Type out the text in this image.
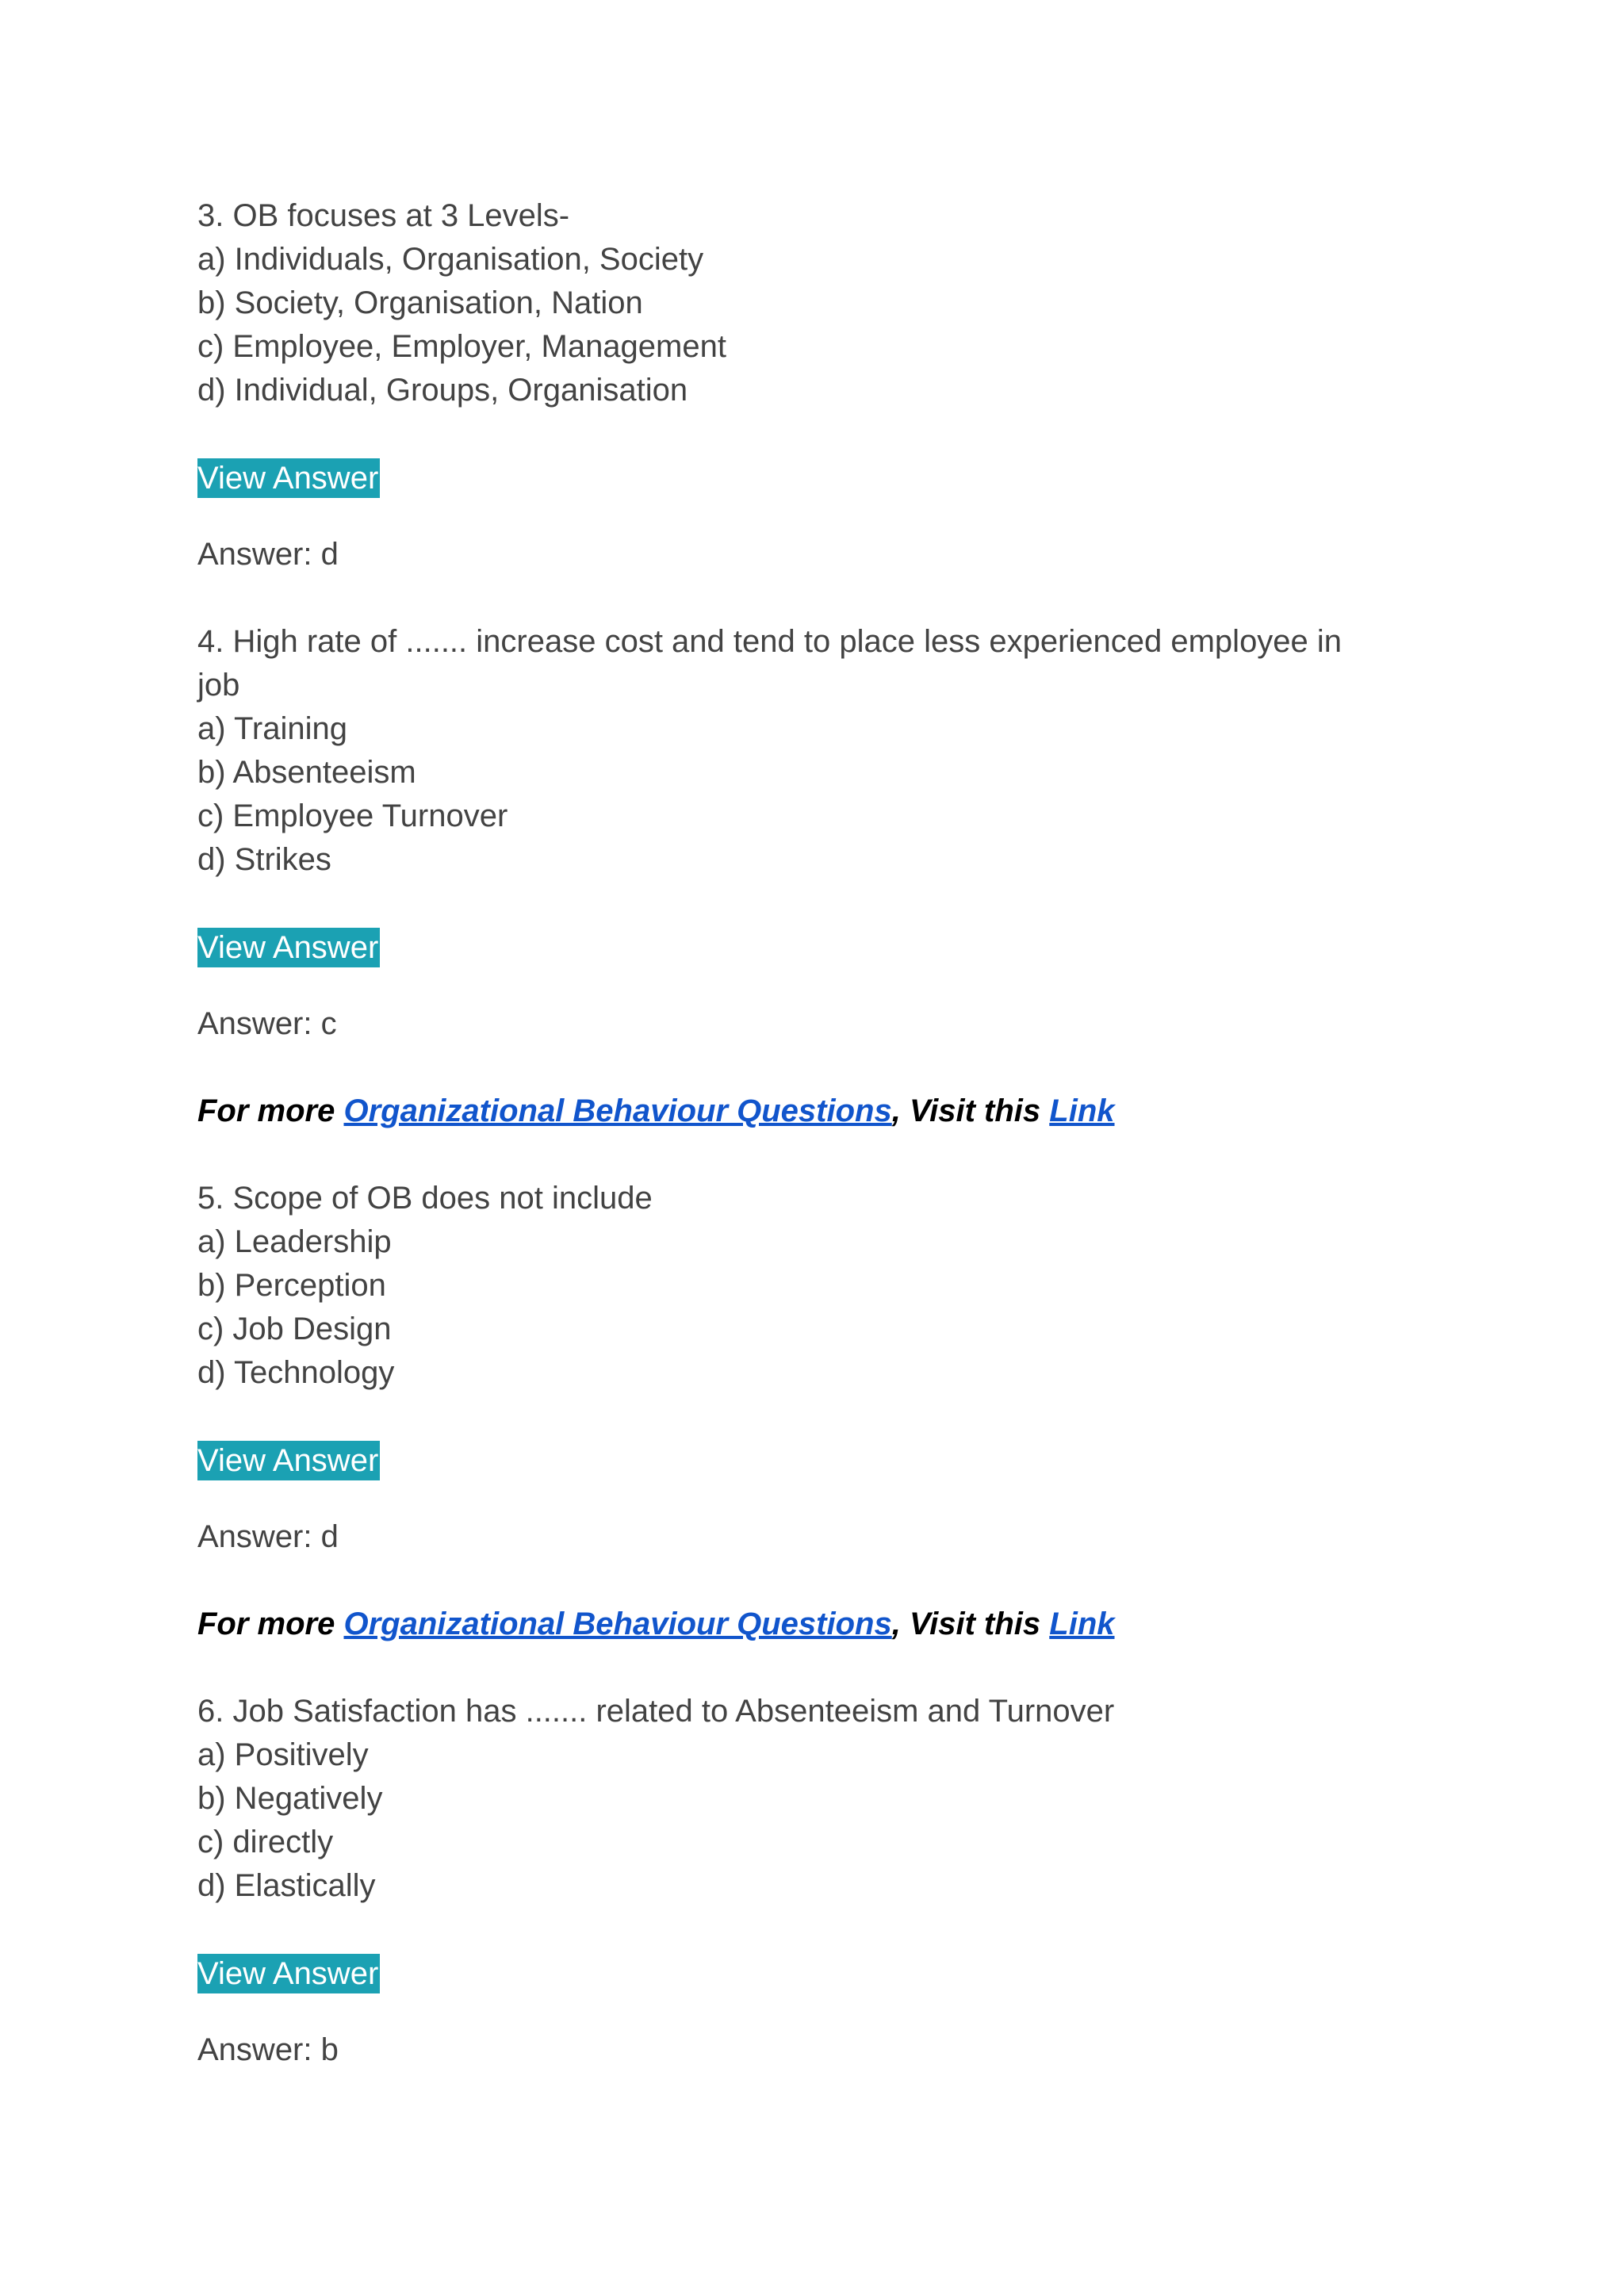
3. OB focuses at 3 Levels-
a) Individuals, Organisation, Society
b) Society, Organisation, Nation
c) Employee, Employer, Management
d) Individual, Groups, Organisation
View Answer
Answer: d
4. High rate of ....... increase cost and tend to place less experienced employee in
job
a) Training
b) Absenteeism
c) Employee Turnover
d) Strikes
View Answer
Answer: c
For more Organizational Behaviour Questions, Visit this Link
5. Scope of OB does not include
a) Leadership
b) Perception
c) Job Design
d) Technology
View Answer
Answer: d
For more Organizational Behaviour Questions, Visit this Link
6. Job Satisfaction has ....... related to Absenteeism and Turnover
a) Positively
b) Negatively
c) directly
d) Elastically
View Answer
Answer: b
